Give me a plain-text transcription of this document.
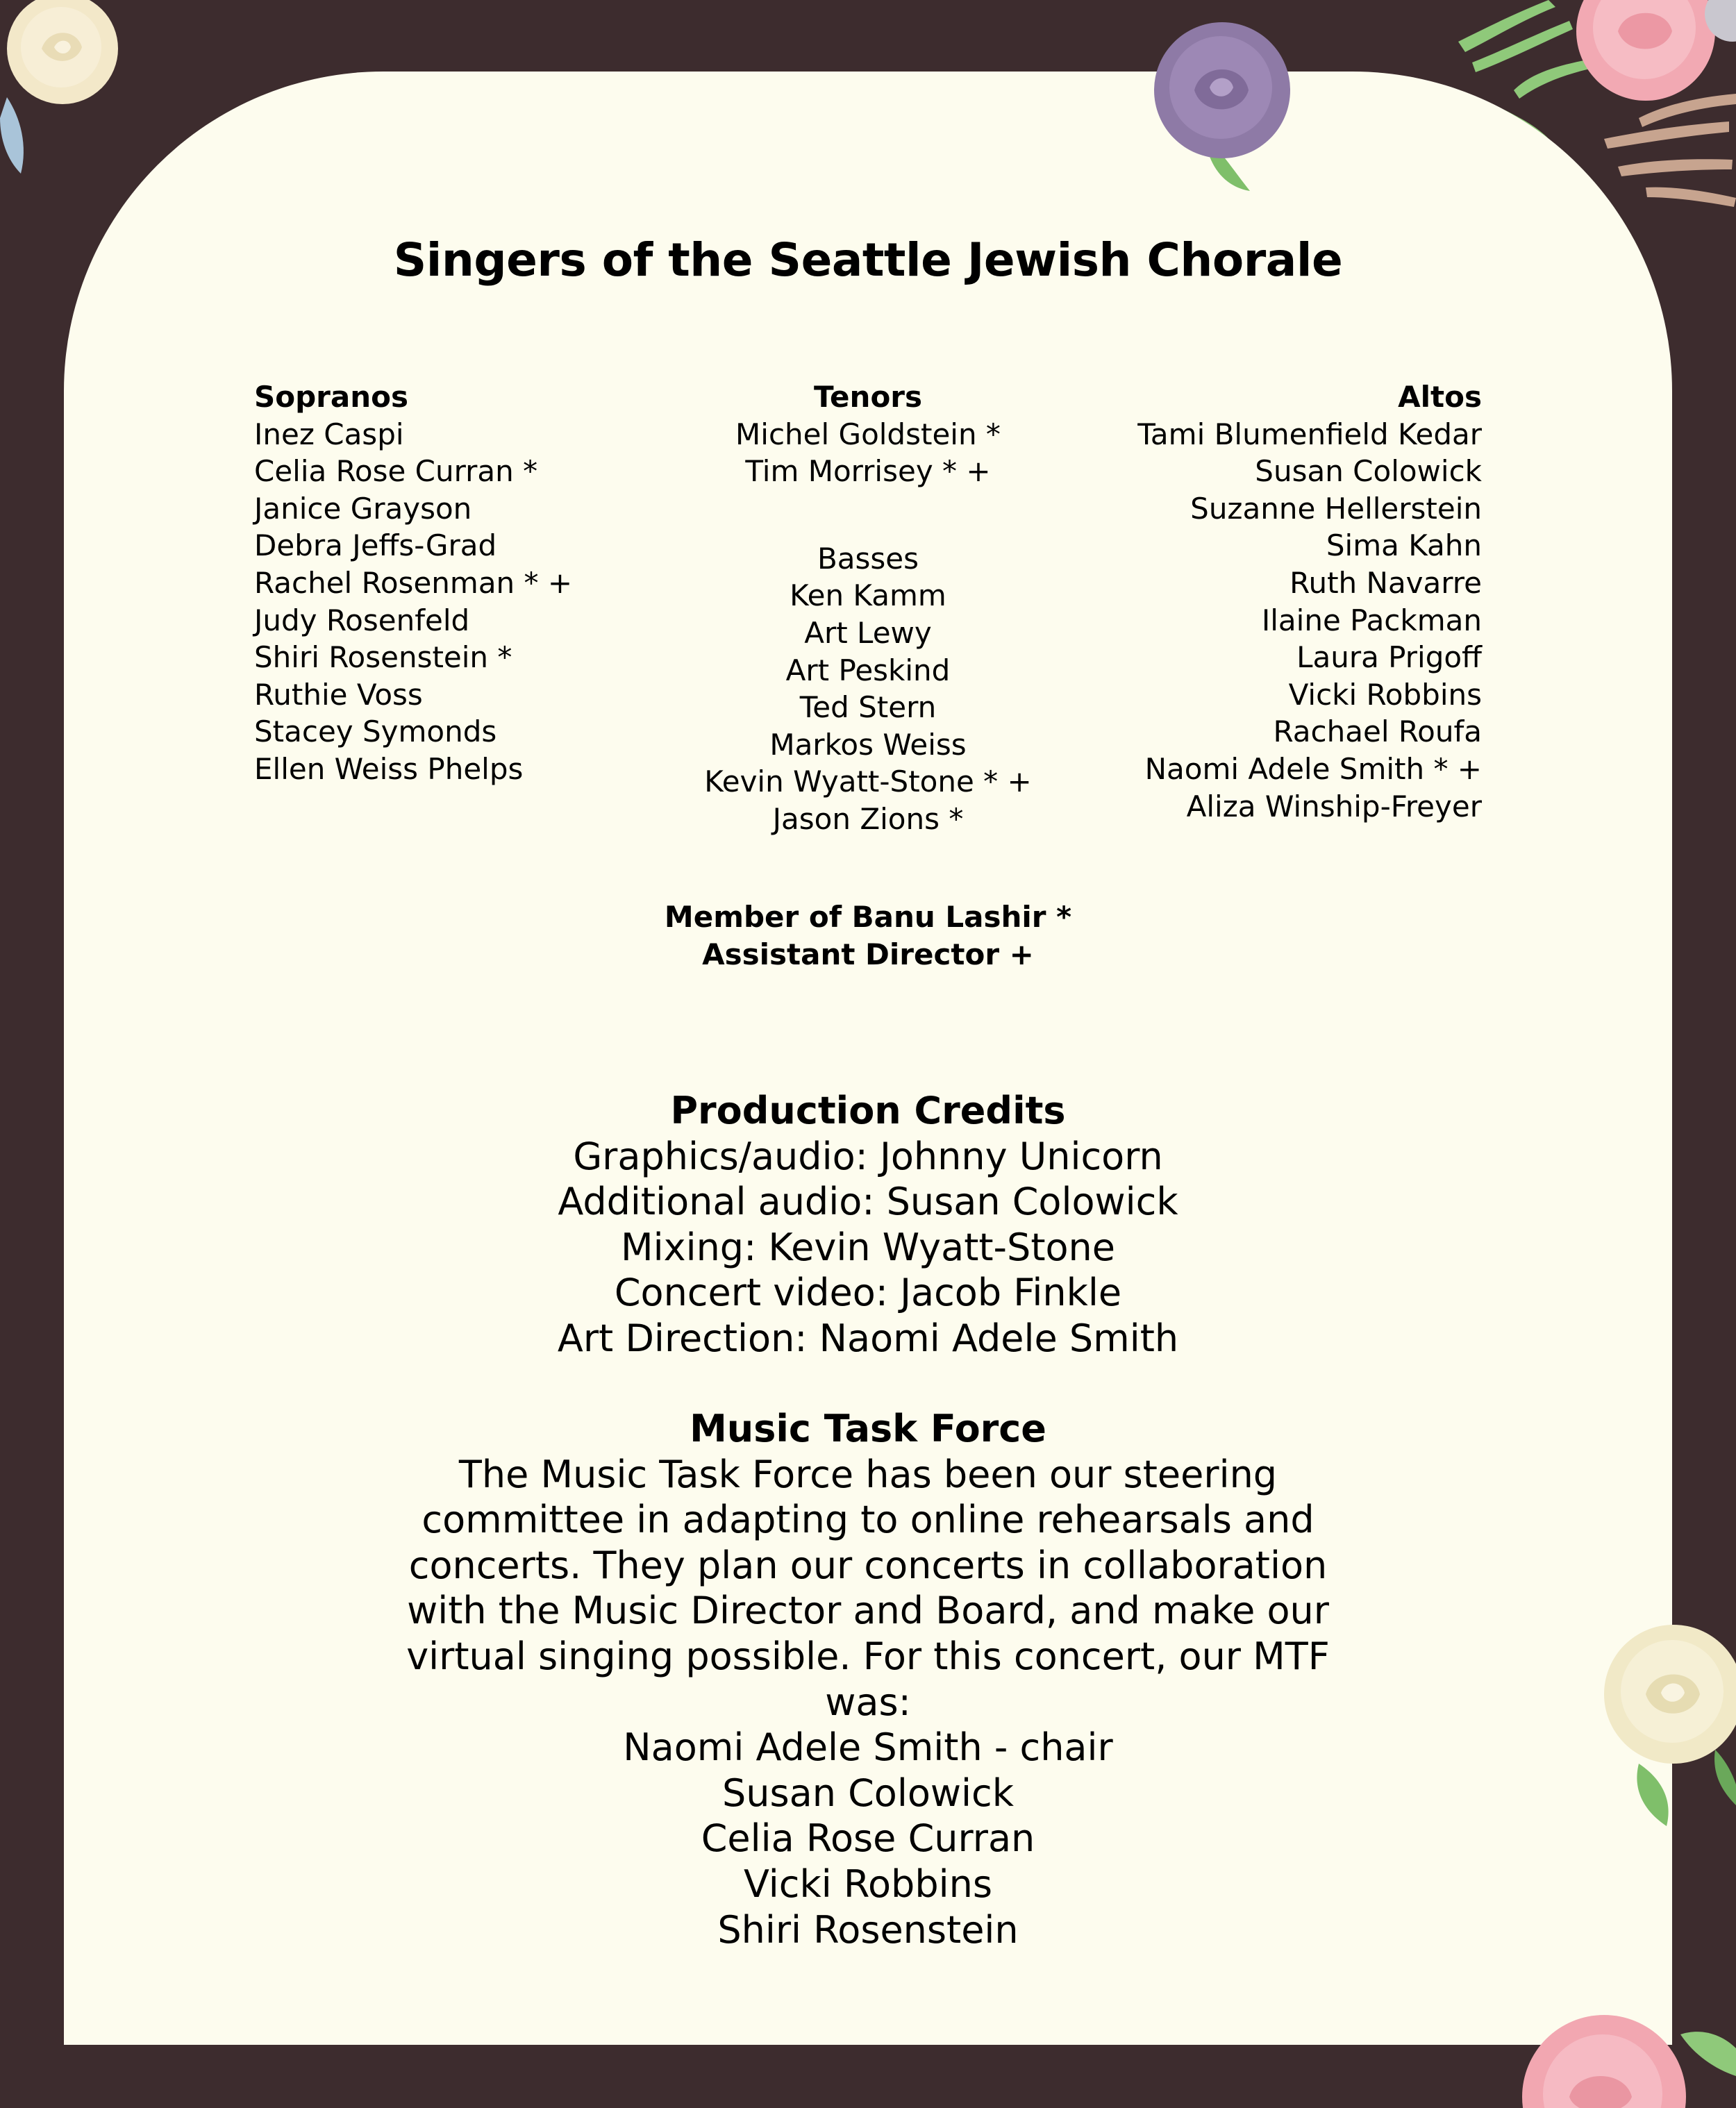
Singers of the Seattle Jewish Chorale
Sopranos
Inez Caspi
Celia Rose Curran *
Janice Grayson
Debra Jeffs-Grad
Rachel Rosenman * +
Judy Rosenfeld
Shiri Rosenstein *
Ruthie Voss
Stacey Symonds
Ellen Weiss Phelps
Tenors
Michel Goldstein *
Tim Morrisey * +
Basses
Ken Kamm
Art Lewy
Art Peskind
Ted Stern
Markos Weiss
Kevin Wyatt-Stone * +
Jason Zions *
Altos
Tami Blumenfield Kedar
Susan Colowick
Suzanne Hellerstein
Sima Kahn
Ruth Navarre
Ilaine Packman
Laura Prigoff
Vicki Robbins
Rachael Roufa
Naomi Adele Smith * +
Aliza Winship-Freyer
Member of Banu Lashir *
Assistant Director +
Production Credits
Graphics/audio: Johnny Unicorn
Additional audio: Susan Colowick
Mixing: Kevin Wyatt-Stone
Concert video: Jacob Finkle
Art Direction: Naomi Adele Smith
Music Task Force
The Music Task Force has been our steering committee in adapting to online rehearsals and concerts. They plan our concerts in collaboration with the Music Director and Board, and make our virtual singing possible. For this concert, our MTF was:
Naomi Adele Smith - chair
Susan Colowick
Celia Rose Curran
Vicki Robbins
Shiri Rosenstein
